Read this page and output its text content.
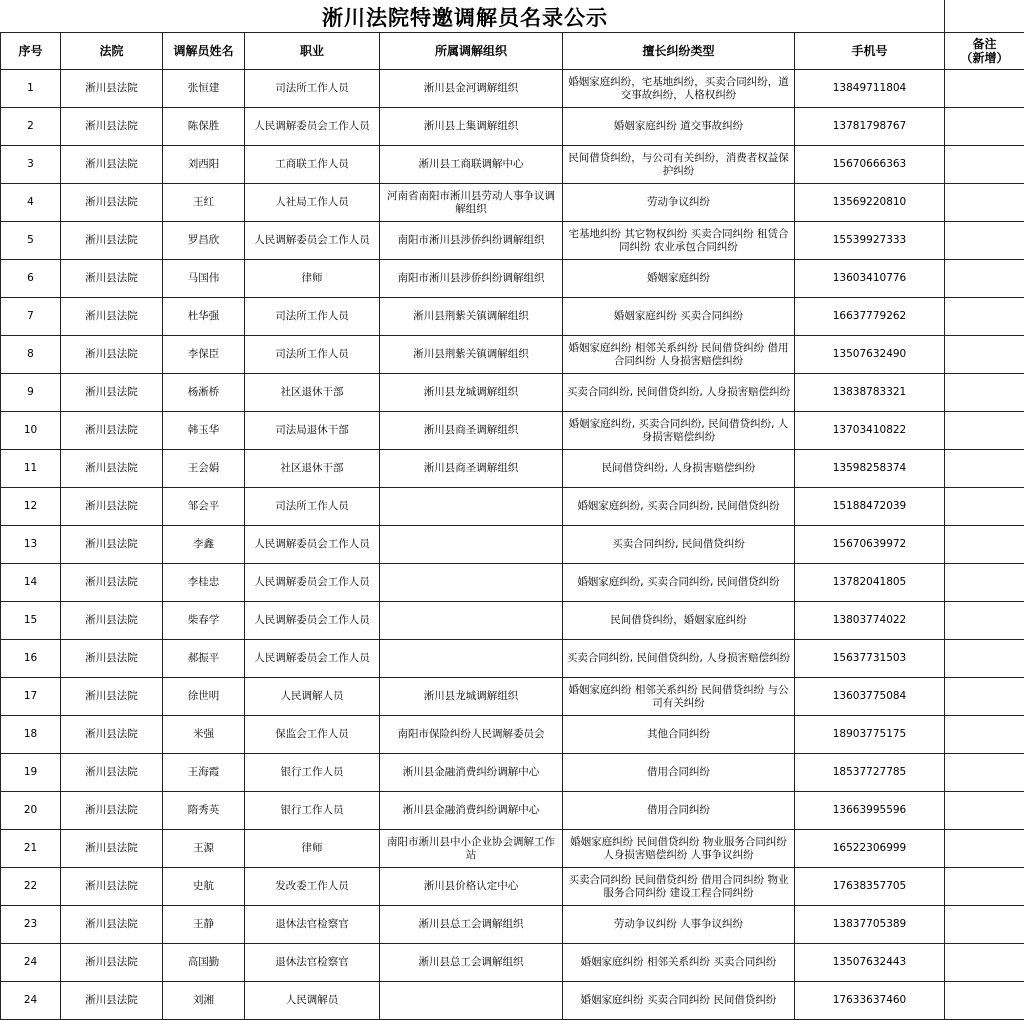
淅川法院特邀调解员名录公示
序号	法院	调解员姓名	职业	所属调解组织	擅长纠纷类型	手机号	备注
（新增）
1	淅川县法院	张恒建	司法所工作人员	淅川县金河调解组织	婚姻家庭纠纷，宅基地纠纷，买卖合同纠纷，道交事故纠纷，人格权纠纷	13849711804	
2	淅川县法院	陈保胜	人民调解委员会工作人员	淅川县上集调解组织	婚姻家庭纠纷 道交事故纠纷	13781798767	
3	淅川县法院	刘西阳	工商联工作人员	淅川县工商联调解中心	民间借贷纠纷，与公司有关纠纷，消费者权益保护纠纷	15670666363	
4	淅川县法院	王红	人社局工作人员	河南省南阳市淅川县劳动人事争议调解组织	劳动争议纠纷	13569220810	
5	淅川县法院	罗昌欣	人民调解委员会工作人员	南阳市淅川县涉侨纠纷调解组织	宅基地纠纷 其它物权纠纷 买卖合同纠纷 租赁合同纠纷 农业承包合同纠纷	15539927333	
6	淅川县法院	马国伟	律师	南阳市淅川县涉侨纠纷调解组织	婚姻家庭纠纷	13603410776	
7	淅川县法院	杜华强	司法所工作人员	淅川县荆紫关镇调解组织	婚姻家庭纠纷 买卖合同纠纷	16637779262	
8	淅川县法院	李保臣	司法所工作人员	淅川县荆紫关镇调解组织	婚姻家庭纠纷 相邻关系纠纷 民间借贷纠纷 借用合同纠纷 人身损害赔偿纠纷	13507632490	
9	淅川县法院	杨淅桥	社区退休干部	淅川县龙城调解组织	买卖合同纠纷, 民间借贷纠纷, 人身损害赔偿纠纷	13838783321	
10	淅川县法院	韩玉华	司法局退休干部	淅川县商圣调解组织	婚姻家庭纠纷, 买卖合同纠纷, 民间借贷纠纷, 人身损害赔偿纠纷	13703410822	
11	淅川县法院	王会娟	社区退休干部	淅川县商圣调解组织	民间借贷纠纷, 人身损害赔偿纠纷	13598258374	
12	淅川县法院	邹会平	司法所工作人员		婚姻家庭纠纷, 买卖合同纠纷, 民间借贷纠纷	15188472039	
13	淅川县法院	李鑫	人民调解委员会工作人员		买卖合同纠纷, 民间借贷纠纷	15670639972	
14	淅川县法院	李桂忠	人民调解委员会工作人员		婚姻家庭纠纷, 买卖合同纠纷, 民间借贷纠纷	13782041805	
15	淅川县法院	柴春学	人民调解委员会工作人员		民间借贷纠纷，婚姻家庭纠纷	13803774022	
16	淅川县法院	郝振平	人民调解委员会工作人员		买卖合同纠纷, 民间借贷纠纷, 人身损害赔偿纠纷	15637731503	
17	淅川县法院	徐世明	人民调解人员	淅川县龙城调解组织	婚姻家庭纠纷 相邻关系纠纷 民间借贷纠纷 与公司有关纠纷	13603775084	
18	淅川县法院	米强	保监会工作人员	南阳市保险纠纷人民调解委员会	其他合同纠纷	18903775175	
19	淅川县法院	王海霞	银行工作人员	淅川县金融消费纠纷调解中心	借用合同纠纷	18537727785	
20	淅川县法院	隋秀英	银行工作人员	淅川县金融消费纠纷调解中心	借用合同纠纷	13663995596	
21	淅川县法院	王源	律师	南阳市淅川县中小企业协会调解工作站	婚姻家庭纠纷 民间借贷纠纷 物业服务合同纠纷 人身损害赔偿纠纷 人事争议纠纷	16522306999	
22	淅川县法院	史航	发改委工作人员	淅川县价格认定中心	买卖合同纠纷 民间借贷纠纷 借用合同纠纷 物业服务合同纠纷 建设工程合同纠纷	17638357705	
23	淅川县法院	王静	退休法官检察官	淅川县总工会调解组织	劳动争议纠纷 人事争议纠纷	13837705389	
24	淅川县法院	高国勤	退休法官检察官	淅川县总工会调解组织	婚姻家庭纠纷 相邻关系纠纷 买卖合同纠纷	13507632443	
24	淅川县法院	刘湘	人民调解员		婚姻家庭纠纷 买卖合同纠纷 民间借贷纠纷	17633637460	
